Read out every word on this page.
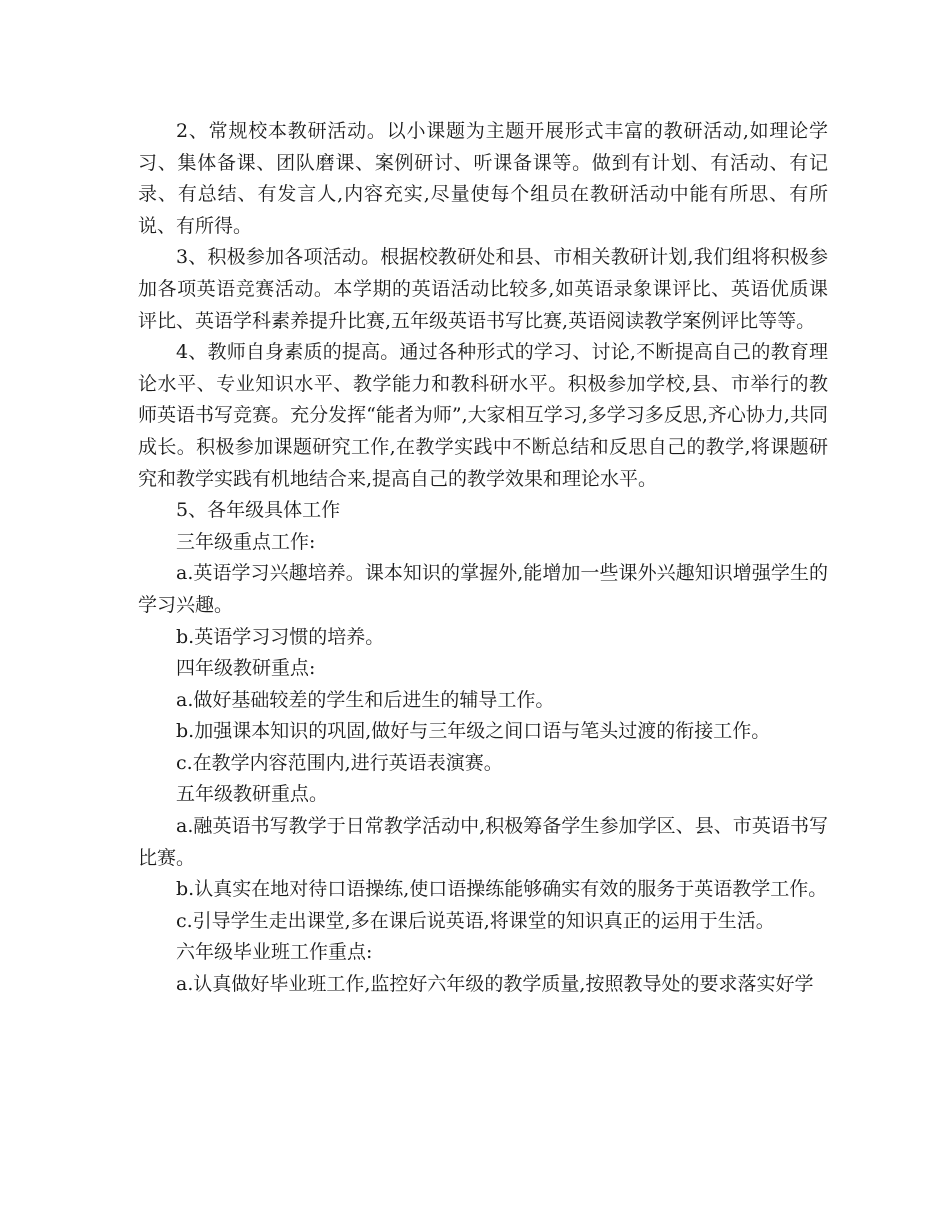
2、常规校本教研活动。以小课题为主题开展形式丰富的教研活动,如理论学习、集体备课、团队磨课、案例研讨、听课备课等。做到有计划、有活动、有记录、有总结、有发言人,内容充实,尽量使每个组员在教研活动中能有所思、有所说、有所得。

3、积极参加各项活动。根据校教研处和县、市相关教研计划,我们组将积极参加各项英语竞赛活动。本学期的英语活动比较多,如英语录象课评比、英语优质课评比、英语学科素养提升比赛,五年级英语书写比赛,英语阅读教学案例评比等等。

4、教师自身素质的提高。通过各种形式的学习、讨论,不断提高自己的教育理论水平、专业知识水平、教学能力和教科研水平。积极参加学校,县、市举行的教师英语书写竞赛。充分发挥“能者为师”,大家相互学习,多学习多反思,齐心协力,共同成长。积极参加课题研究工作,在教学实践中不断总结和反思自己的教学,将课题研究和教学实践有机地结合来,提高自己的教学效果和理论水平。

5、各年级具体工作

三年级重点工作:

a.英语学习兴趣培养。课本知识的掌握外,能增加一些课外兴趣知识增强学生的学习兴趣。

b.英语学习习惯的培养。

四年级教研重点:

a.做好基础较差的学生和后进生的辅导工作。

b.加强课本知识的巩固,做好与三年级之间口语与笔头过渡的衔接工作。

c.在教学内容范围内,进行英语表演赛。

五年级教研重点。

a.融英语书写教学于日常教学活动中,积极筹备学生参加学区、县、市英语书写比赛。

b.认真实在地对待口语操练,使口语操练能够确实有效的服务于英语教学工作。

c.引导学生走出课堂,多在课后说英语,将课堂的知识真正的运用于生活。

六年级毕业班工作重点:

a.认真做好毕业班工作,监控好六年级的教学质量,按照教导处的要求落实好学
